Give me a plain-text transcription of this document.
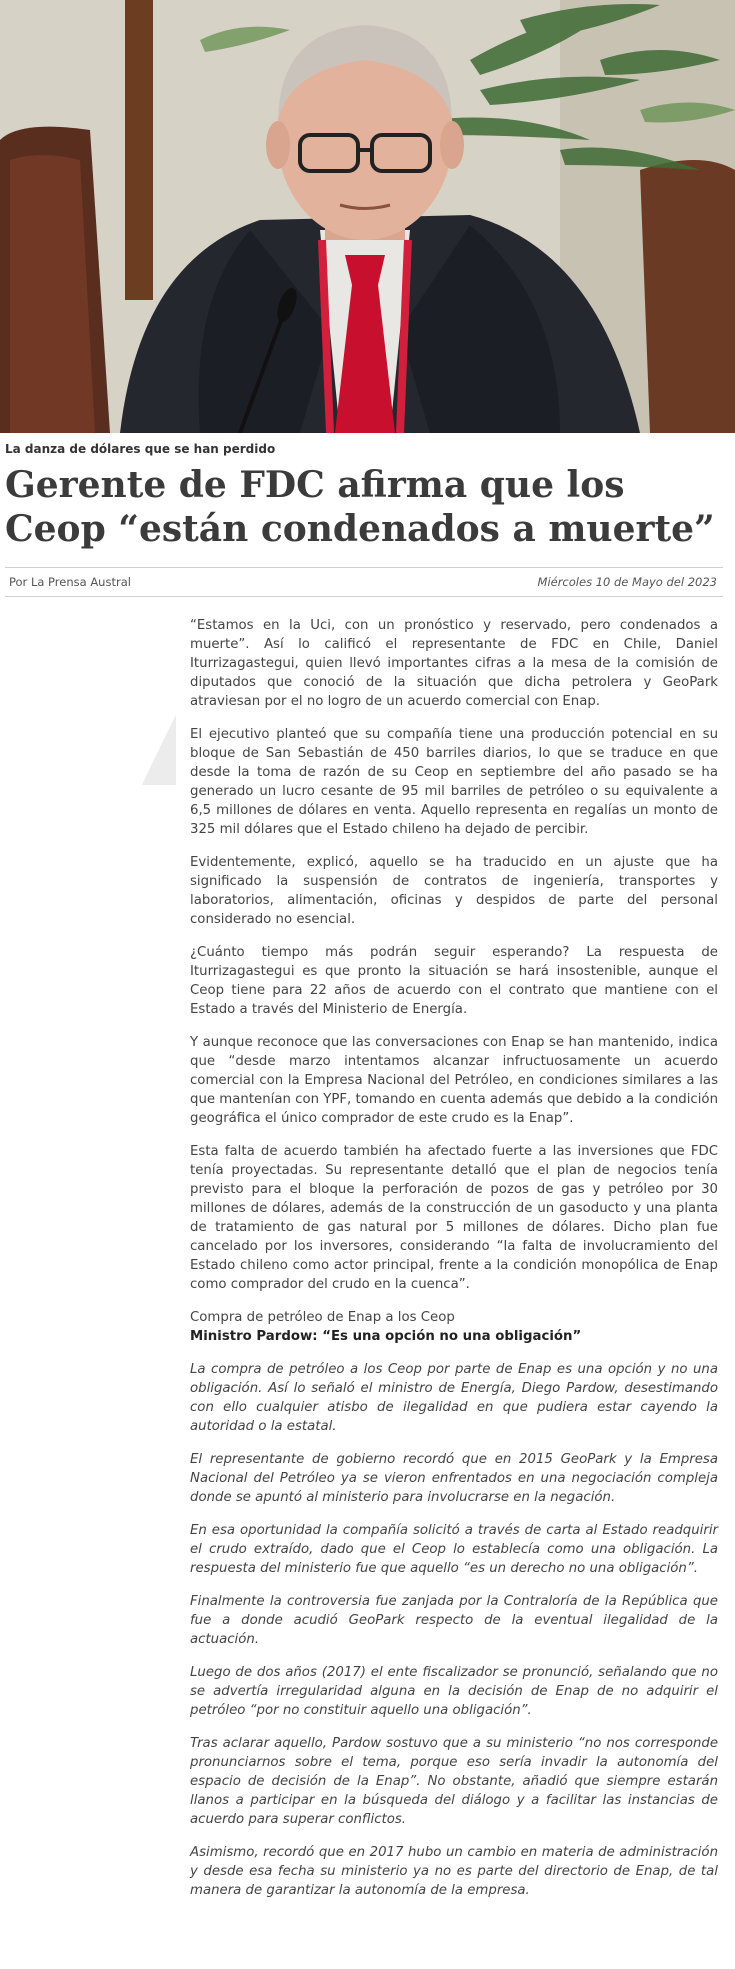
La danza de dólares que se han perdido
Gerente de FDC afirma que los Ceop “están condenados a muerte”
Por La Prensa Austral	Miércoles 10 de Mayo del 2023

“Estamos en la Uci, con un pronóstico y reservado, pero condenados a muerte”. Así lo calificó el representante de FDC en Chile, Daniel Iturrizagastegui, quien llevó importantes cifras a la mesa de la comisión de diputados que conoció de la situación que dicha petrolera y GeoPark atraviesan por el no logro de un acuerdo comercial con Enap.

El ejecutivo planteó que su compañía tiene una producción potencial en su bloque de San Sebastián de 450 barriles diarios, lo que se traduce en que desde la toma de razón de su Ceop en septiembre del año pasado se ha generado un lucro cesante de 95 mil barriles de petróleo o su equivalente a 6,5 millones de dólares en venta. Aquello representa en regalías un monto de 325 mil dólares que el Estado chileno ha dejado de percibir.

Evidentemente, explicó, aquello se ha traducido en un ajuste que ha significado la suspensión de contratos de ingeniería, transportes y laboratorios, alimentación, oficinas y despidos de parte del personal considerado no esencial.

¿Cuánto tiempo más podrán seguir esperando? La respuesta de Iturrizagastegui es que pronto la situación se hará insostenible, aunque el Ceop tiene para 22 años de acuerdo con el contrato que mantiene con el Estado a través del Ministerio de Energía.

Y aunque reconoce que las conversaciones con Enap se han mantenido, indica que “desde marzo intentamos alcanzar infructuosamente un acuerdo comercial con la Empresa Nacional del Petróleo, en condiciones similares a las que mantenían con YPF, tomando en cuenta además que debido a la condición geográfica el único comprador de este crudo es la Enap”.

Esta falta de acuerdo también ha afectado fuerte a las inversiones que FDC tenía proyectadas. Su representante detalló que el plan de negocios tenía previsto para el bloque la perforación de pozos de gas y petróleo por 30 millones de dólares, además de la construcción de un gasoducto y una planta de tratamiento de gas natural por 5 millones de dólares. Dicho plan fue cancelado por los inversores, considerando “la falta de involucramiento del Estado chileno como actor principal, frente a la condición monopólica de Enap como comprador del crudo en la cuenca”.

Compra de petróleo de Enap a los Ceop
Ministro Pardow: “Es una opción no una obligación”

La compra de petróleo a los Ceop por parte de Enap es una opción y no una obligación. Así lo señaló el ministro de Energía, Diego Pardow, desestimando con ello cualquier atisbo de ilegalidad en que pudiera estar cayendo la autoridad o la estatal.

El representante de gobierno recordó que en 2015 GeoPark y la Empresa Nacional del Petróleo ya se vieron enfrentados en una negociación compleja donde se apuntó al ministerio para involucrarse en la negación.

En esa oportunidad la compañía solicitó a través de carta al Estado readquirir el crudo extraído, dado que el Ceop lo establecía como una obligación. La respuesta del ministerio fue que aquello “es un derecho no una obligación”.

Finalmente la controversia fue zanjada por la Contraloría de la República que fue a donde acudió GeoPark respecto de la eventual ilegalidad de la actuación.

Luego de dos años (2017) el ente fiscalizador se pronunció, señalando que no se advertía irregularidad alguna en la decisión de Enap de no adquirir el petróleo “por no constituir aquello una obligación”.

Tras aclarar aquello, Pardow sostuvo que a su ministerio “no nos corresponde pronunciarnos sobre el tema, porque eso sería invadir la autonomía del espacio de decisión de la Enap”. No obstante, añadió que siempre estarán llanos a participar en la búsqueda del diálogo y a facilitar las instancias de acuerdo para superar conflictos.

Asimismo, recordó que en 2017 hubo un cambio en materia de administración y desde esa fecha su ministerio ya no es parte del directorio de Enap, de tal manera de garantizar la autonomía de la empresa.
